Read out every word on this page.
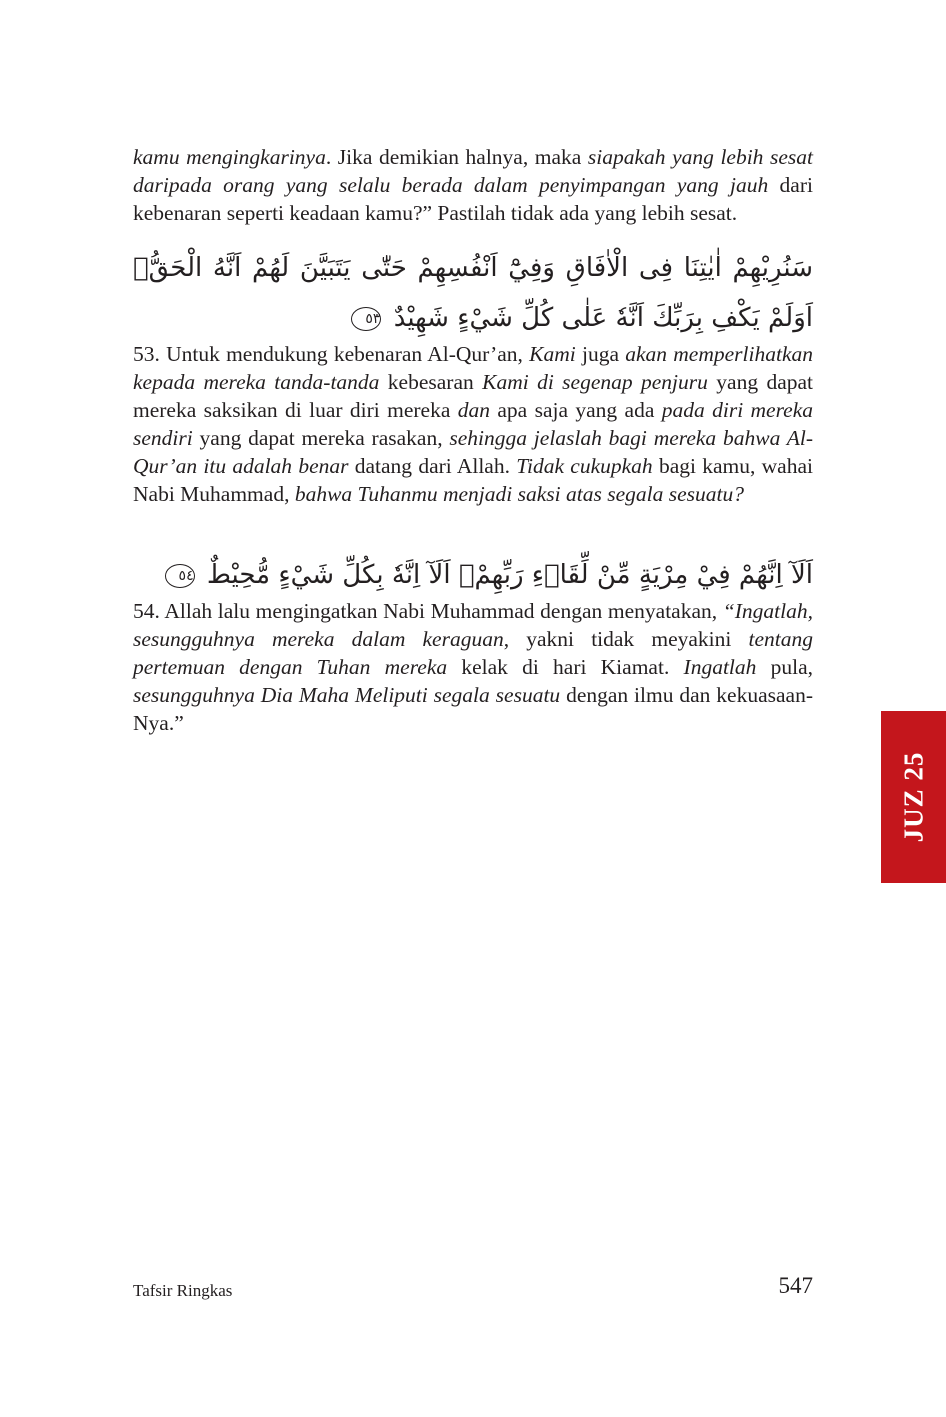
kamu mengingkarinya. Jika demikian halnya, maka siapakah yang lebih sesat daripada orang yang selalu berada dalam penyimpangan yang jauh dari kebenaran seperti keadaan kamu?” Pastilah tidak ada yang lebih sesat.

سَنُرِيْهِمْ اٰيٰتِنَا فِى الْاٰفَاقِ وَفِيْٓ اَنْفُسِهِمْ حَتّٰى يَتَبَيَّنَ لَهُمْ اَنَّهُ الْحَقُّۗ اَوَلَمْ يَكْفِ بِرَبِّكَ اَنَّهٗ عَلٰى كُلِّ شَيْءٍ شَهِيْدٌ ٥٣

53. Untuk mendukung kebenaran Al-Qur’an, Kami juga akan memperlihatkan kepada mereka tanda-tanda kebesaran Kami di segenap penjuru yang dapat mereka saksikan di luar diri mereka dan apa saja yang ada pada diri mereka sendiri yang dapat mereka rasakan, sehingga jelaslah bagi mereka bahwa Al-Qur’an itu adalah benar datang dari Allah. Tidak cukupkah bagi kamu, wahai Nabi Muhammad, bahwa Tuhanmu menjadi saksi atas segala sesuatu?

اَلَآ اِنَّهُمْ فِيْ مِرْيَةٍ مِّنْ لِّقَاۤءِ رَبِّهِمْۗ اَلَآ اِنَّهٗ بِكُلِّ شَيْءٍ مُّحِيْطٌ ٥٤

54. Allah lalu mengingatkan Nabi Muhammad dengan menyatakan, “Ingatlah, sesungguhnya mereka dalam keraguan, yakni tidak meyakini tentang pertemuan dengan Tuhan mereka kelak di hari Kiamat. Ingatlah pula, sesungguhnya Dia Maha Meliputi segala sesuatu dengan ilmu dan kekuasaan-Nya.”

JUZ 25
Tafsir Ringkas	547
